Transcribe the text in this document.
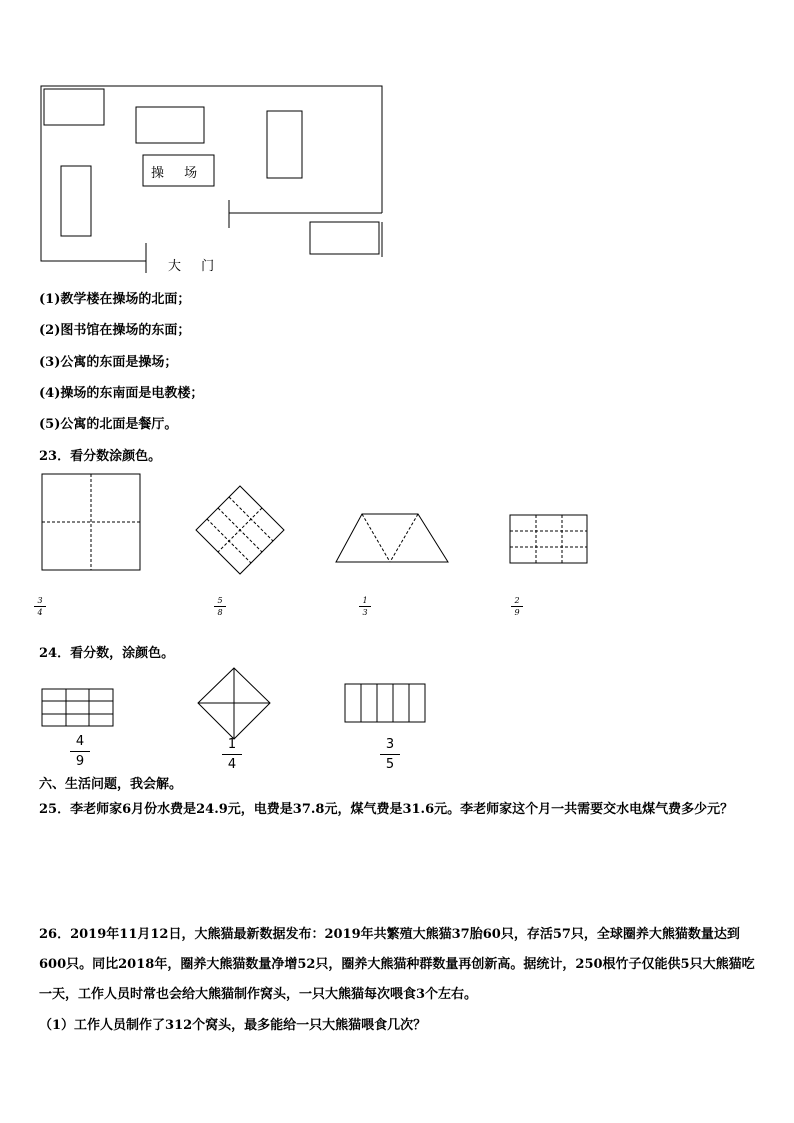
操 场
大 门
(1)教学楼在操场的北面；
(2)图书馆在操场的东面；
(3)公寓的东面是操场；
(4)操场的东南面是电教楼；
(5)公寓的北面是餐厅。
23．看分数涂颜色。
3
4
5
8
1
3
2
9
24．看分数，涂颜色。
4
9
1
4
3
5
六、生活问题，我会解。
25．李老师家6月份水费是24.9元，电费是37.8元，煤气费是31.6元。李老师家这个月一共需要交水电煤气费多少元？
26．2019年11月12日，大熊猫最新数据发布：2019年共繁殖大熊猫37胎60只，存活57只，全球圈养大熊猫数量达到600只。同比2018年，圈养大熊猫数量净增52只，圈养大熊猫种群数量再创新高。据统计，250根竹子仅能供5只大熊猫吃一天，工作人员时常也会给大熊猫制作窝头，一只大熊猫每次喂食3个左右。
（1）工作人员制作了312个窝头，最多能给一只大熊猫喂食几次？
